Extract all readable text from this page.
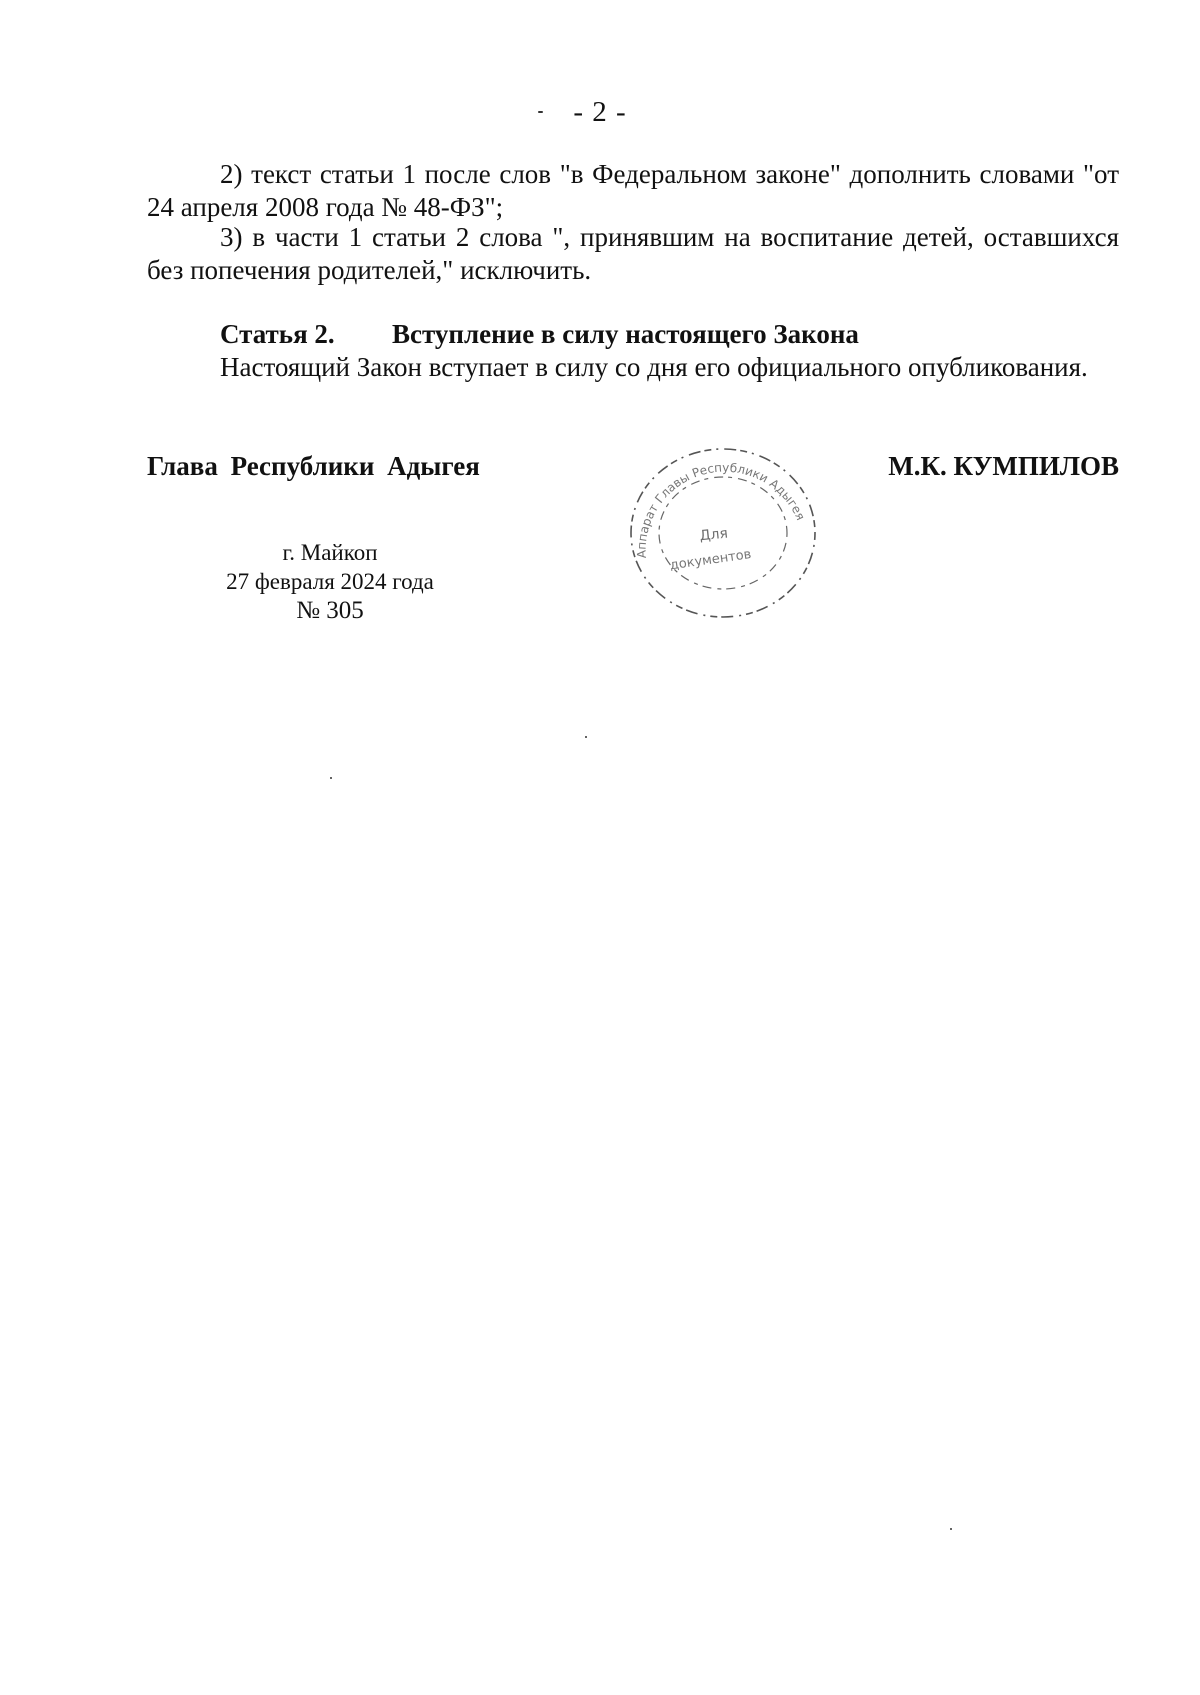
- 2 -

2) текст статьи 1 после слов "в Федеральном законе" дополнить словами "от 24 апреля 2008 года № 48-ФЗ";

3) в части 1 статьи 2 слова ", принявшим на воспитание детей, оставшихся без попечения родителей," исключить.

Статья 2. Вступление в силу настоящего Закона

Настоящий Закон вступает в силу со дня его официального опубликования.

Глава Республики Адыгея	М.К. КУМПИЛОВ
г. Майкоп
27 февраля 2024 года
№ 305
Аппарат Главы Республики Адыгея
Для
документов
